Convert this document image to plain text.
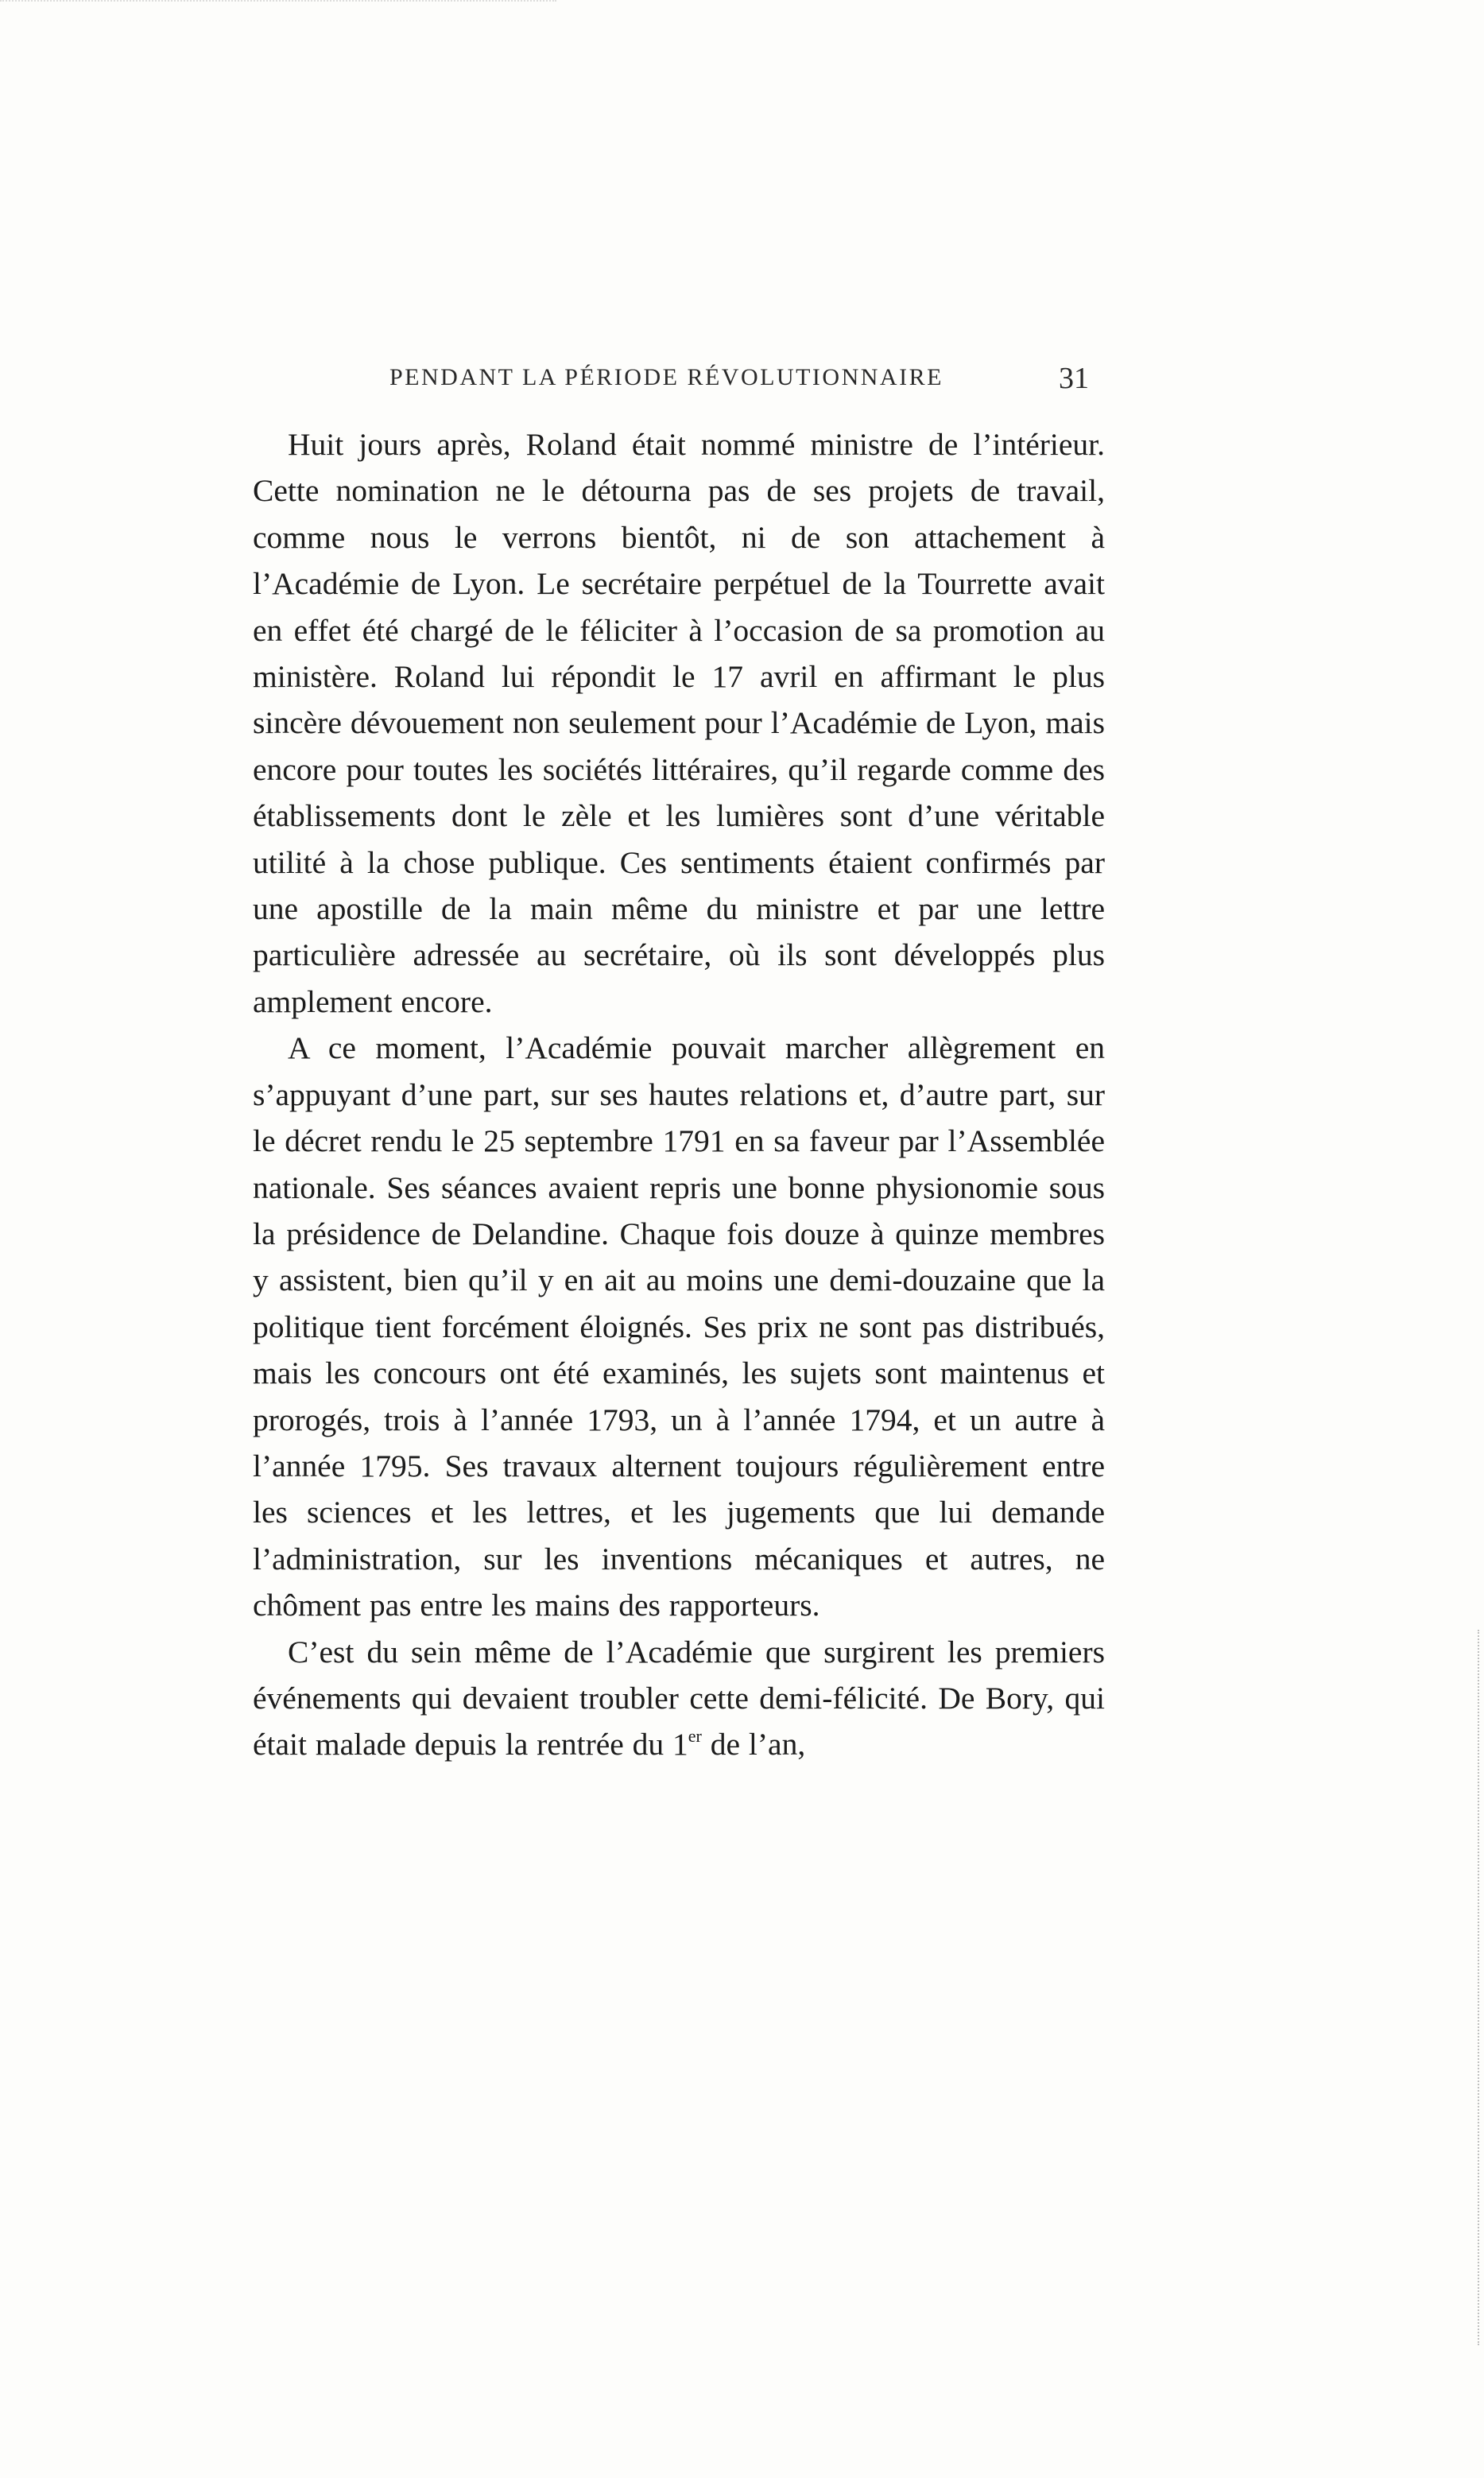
PENDANT LA PÉRIODE RÉVOLUTIONNAIRE	31

Huit jours après, Roland était nommé ministre de l’intérieur. Cette nomination ne le détourna pas de ses projets de travail, comme nous le verrons bientôt, ni de son attachement à l’Académie de Lyon. Le secrétaire perpétuel de la Tourrette avait en effet été chargé de le féliciter à l’occasion de sa promotion au ministère. Roland lui répondit le 17 avril en affirmant le plus sincère dévouement non seulement pour l’Académie de Lyon, mais encore pour toutes les sociétés littéraires, qu’il regarde comme des établissements dont le zèle et les lumières sont d’une véritable utilité à la chose publique. Ces sentiments étaient confirmés par une apostille de la main même du ministre et par une lettre particulière adressée au secrétaire, où ils sont développés plus amplement encore.

A ce moment, l’Académie pouvait marcher allègrement en s’appuyant d’une part, sur ses hautes relations et, d’autre part, sur le décret rendu le 25 septembre 1791 en sa faveur par l’Assemblée nationale. Ses séances avaient repris une bonne physionomie sous la présidence de Delandine. Chaque fois douze à quinze membres y assistent, bien qu’il y en ait au moins une demi-douzaine que la politique tient forcément éloignés. Ses prix ne sont pas distribués, mais les concours ont été examinés, les sujets sont maintenus et prorogés, trois à l’année 1793, un à l’année 1794, et un autre à l’année 1795. Ses travaux alternent toujours régulièrement entre les sciences et les lettres, et les jugements que lui demande l’administration, sur les inventions mécaniques et autres, ne chôment pas entre les mains des rapporteurs.

C’est du sein même de l’Académie que surgirent les premiers événements qui devaient troubler cette demi-félicité. De Bory, qui était malade depuis la rentrée du 1er de l’an,
